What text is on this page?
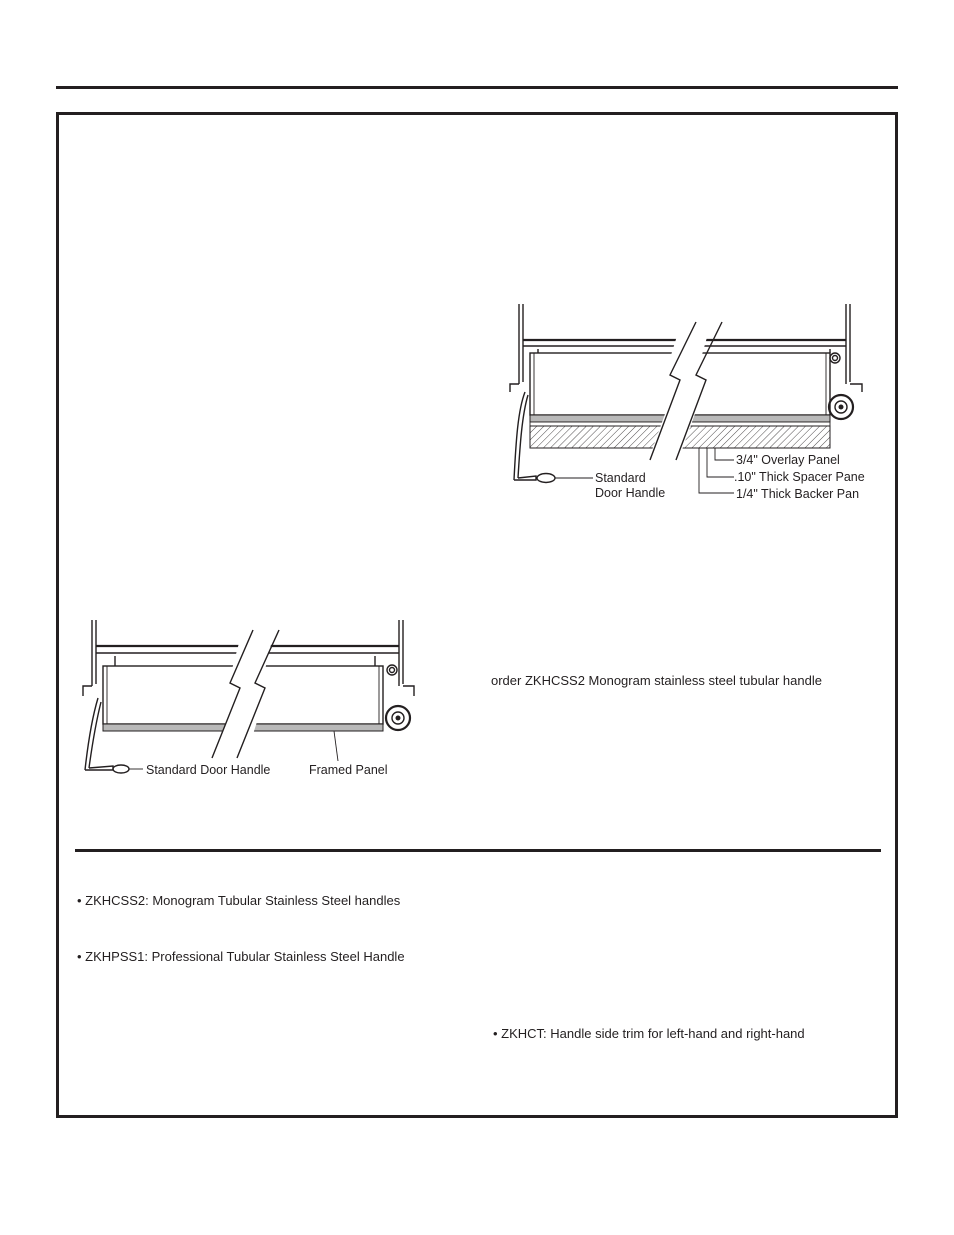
Standard
Door Handle
3/4" Overlay Panel
.10" Thick Spacer Pane
1/4" Thick Backer Pan
Standard Door Handle	Framed Panel
order ZKHCSS2 Monogram stainless steel tubular handle
• ZKHCSS2: Monogram Tubular Stainless Steel handles
• ZKHPSS1: Professional Tubular Stainless Steel Handle
• ZKHCT: Handle side trim for left-hand and right-hand
